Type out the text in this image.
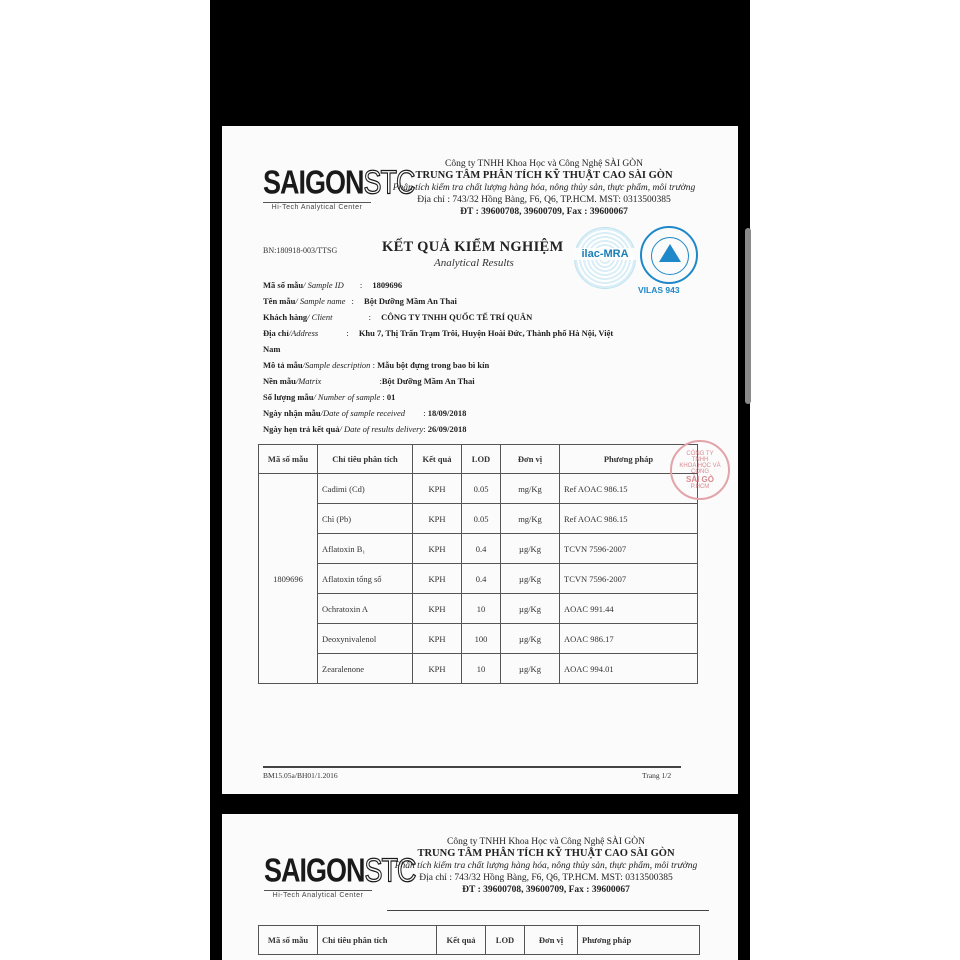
SAIGONSTC
Hi-Tech Analytical Center
Công ty TNHH Khoa Học và Công Nghệ SÀI GÒN
TRUNG TÂM PHÂN TÍCH KỸ THUẬT CAO SÀI GÒN
Phân tích kiểm tra chất lượng hàng hóa, nông thủy sản, thực phẩm, môi trường
Địa chỉ : 743/32 Hồng Bàng, F6, Q6, TP.HCM. MST: 0313500385
ĐT : 39600708, 39600709, Fax : 39600067
BN:180918-003/TTSG	KẾT QUẢ KIỂM NGHIỆM
Analytical Results
ilac-MRA
VILAS 943
Mã số mẫu/ Sample ID : 1809696
Tên mẫu/ Sample name : Bột Dưỡng Mầm An Thai
Khách hàng/ Client	: CÔNG TY TNHH QUỐC TẾ TRÍ QUÂN
Địa chỉ/Address	: Khu 7, Thị Trấn Trạm Trôi, Huyện Hoài Đức, Thành phố Hà Nội, Việt
Nam
Mô tả mẫu/Sample description : Mẫu bột đựng trong bao bì kín
Nền mẫu/Matrix	:Bột Dưỡng Mầm An Thai
Số lượng mẫu/ Number of sample : 01
Ngày nhận mẫu/Date of sample received : 18/09/2018
Ngày hẹn trả kết quả/ Date of results delivery: 26/09/2018
Mã số mẫu	Chỉ tiêu phân tích	Kết quả	LOD	Đơn vị	Phương pháp
1809696	Cadimi (Cd)	KPH	0.05	mg/Kg	Ref AOAC 986.15
	Chì (Pb)	KPH	0.05	mg/Kg	Ref AOAC 986.15
	Aflatoxin B₁	KPH	0.4	µg/Kg	TCVN 7596-2007
	Aflatoxin tổng số	KPH	0.4	µg/Kg	TCVN 7596-2007
	Ochratoxin A	KPH	10	µg/Kg	AOAC 991.44
	Deoxynivalenol	KPH	100	µg/Kg	AOAC 986.17
	Zearalenone	KPH	10	µg/Kg	AOAC 994.01
CÔNG TY
TNHH
KHOA HỌC VÀ CÔNG
SÀI GÒ
P.HCM
BM15.05a/BH01/1.2016	Trang 1/2
SAIGONSTC
Hi-Tech Analytical Center
Công ty TNHH Khoa Học và Công Nghệ SÀI GÒN
TRUNG TÂM PHÂN TÍCH KỸ THUẬT CAO SÀI GÒN
Phân tích kiểm tra chất lượng hàng hóa, nông thủy sản, thực phẩm, môi trường
Địa chỉ : 743/32 Hồng Bàng, F6, Q6, TP.HCM. MST: 0313500385
ĐT : 39600708, 39600709, Fax : 39600067
Mã số mẫu	Chỉ tiêu phân tích	Kết quả	LOD	Đơn vị	Phương pháp
